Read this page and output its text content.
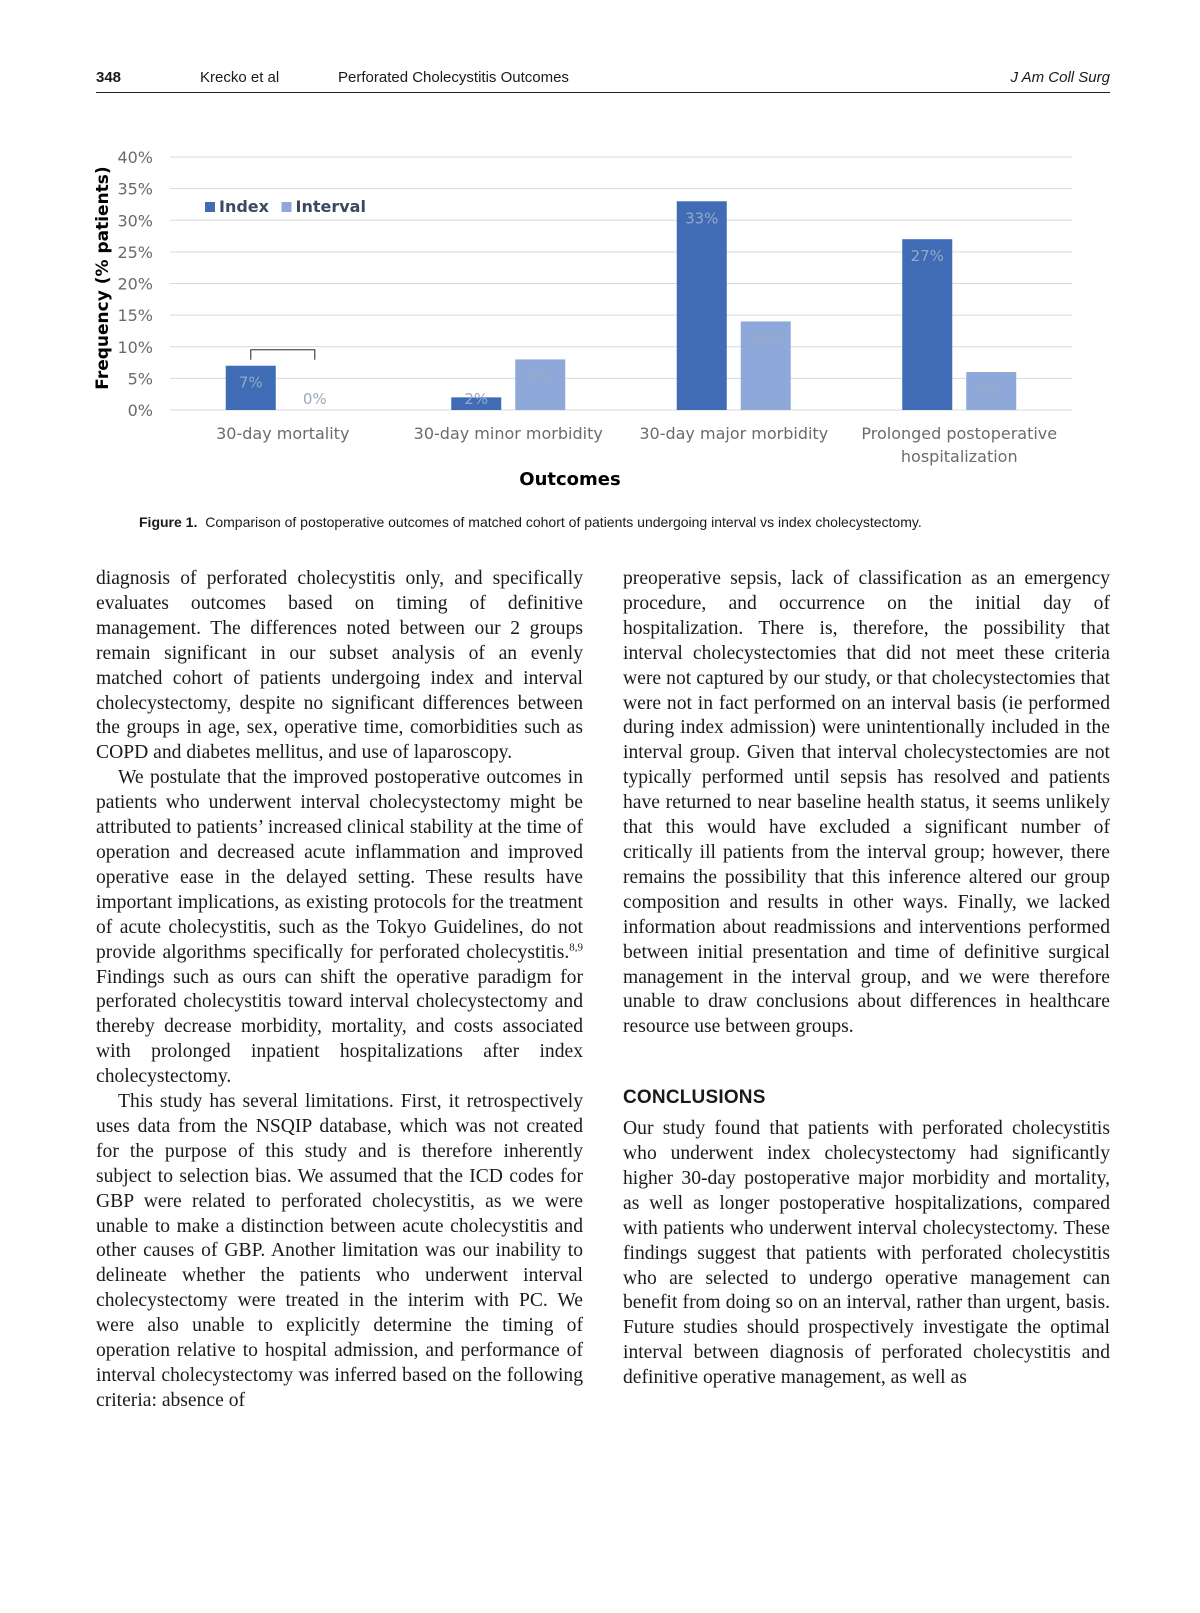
348	Krecko et al	Perforated Cholecystitis Outcomes	J Am Coll Surg
0%
5%
10%
15%
20%
25%
30%
35%
40%
7%
0%	2%
8%
33%
14%
27%
6%
30-day mortality	30-day minor morbidity 30-day major morbidity Prolonged postoperative
hospitalization
Index Interval
Frequency (% patients)
Outcomes
Figure 1. Comparison of postoperative outcomes of matched cohort of patients undergoing interval vs index cholecystectomy.

diagnosis of perforated cholecystitis only, and specifically evaluates outcomes based on timing of definitive management. The differences noted between our 2 groups remain significant in our subset analysis of an evenly matched cohort of patients undergoing index and interval cholecystectomy, despite no significant differences between the groups in age, sex, operative time, comorbidities such as COPD and diabetes mellitus, and use of laparoscopy.

We postulate that the improved postoperative outcomes in patients who underwent interval cholecystectomy might be attributed to patients’ increased clinical stability at the time of operation and decreased acute inflammation and improved operative ease in the delayed setting. These results have important implications, as existing protocols for the treatment of acute cholecystitis, such as the Tokyo Guidelines, do not provide algorithms specifically for perforated cholecystitis.$^{8,9}$ Findings such as ours can shift the operative paradigm for perforated cholecystitis toward interval cholecystectomy and thereby decrease morbidity, mortality, and costs associated with prolonged inpatient hospitalizations after index cholecystectomy.

This study has several limitations. First, it retrospectively uses data from the NSQIP database, which was not created for the purpose of this study and is therefore inherently subject to selection bias. We assumed that the ICD codes for GBP were related to perforated cholecystitis, as we were unable to make a distinction between acute cholecystitis and other causes of GBP. Another limitation was our inability to delineate whether the patients who underwent interval cholecystectomy were treated in the interim with PC. We were also unable to explicitly determine the timing of operation relative to hospital admission, and performance of interval cholecystectomy was inferred based on the following criteria: absence of

preoperative sepsis, lack of classification as an emergency procedure, and occurrence on the initial day of hospitalization. There is, therefore, the possibility that interval cholecystectomies that did not meet these criteria were not captured by our study, or that cholecystectomies that were not in fact performed on an interval basis (ie performed during index admission) were unintentionally included in the interval group. Given that interval cholecystectomies are not typically performed until sepsis has resolved and patients have returned to near baseline health status, it seems unlikely that this would have excluded a significant number of critically ill patients from the interval group; however, there remains the possibility that this inference altered our group composition and results in other ways. Finally, we lacked information about readmissions and interventions performed between initial presentation and time of definitive surgical management in the interval group, and we were therefore unable to draw conclusions about differences in healthcare resource use between groups.

CONCLUSIONS

Our study found that patients with perforated cholecystitis who underwent index cholecystectomy had significantly higher 30-day postoperative major morbidity and mortality, as well as longer postoperative hospitalizations, compared with patients who underwent interval cholecystectomy. These findings suggest that patients with perforated cholecystitis who are selected to undergo operative management can benefit from doing so on an interval, rather than urgent, basis. Future studies should prospectively investigate the optimal interval between diagnosis of perforated cholecystitis and definitive operative management, as well as
